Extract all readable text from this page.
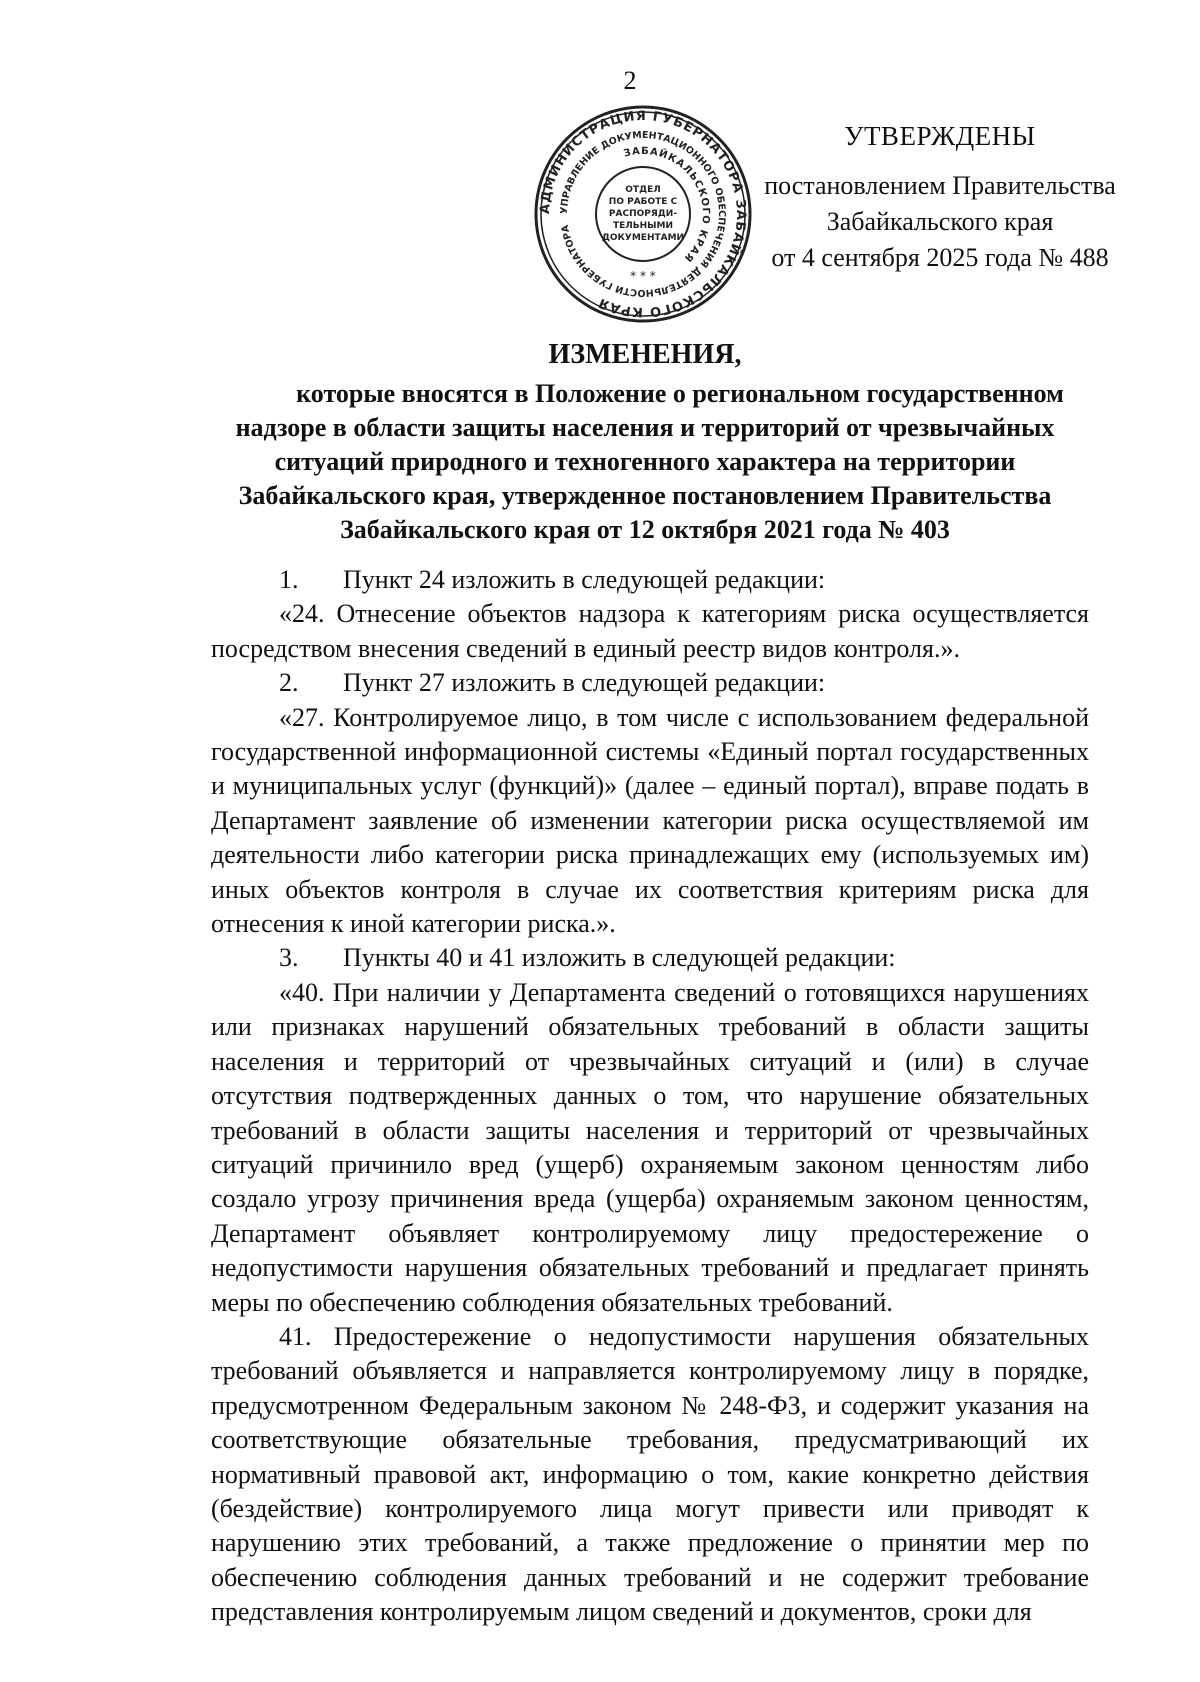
2
АДМИНИСТРАЦИЯ ГУБЕРНАТОРА ЗАБАЙКАЛЬСКОГО КРАЯ
УПРАВЛЕНИЕ ДОКУМЕНТАЦИОННОГО ОБЕСПЕЧЕНИЯ ДЕЯТЕЛЬНОСТИ ГУБЕРНАТОРА
ЗАБАЙКАЛЬСКОГО КРАЯ
ОТДЕЛ
ПО РАБОТЕ С
РАСПОРЯДИ-
ТЕЛЬНЫМИ
ДОКУМЕНТАМИ
* * *
УТВЕРЖДЕНЫ
постановлением Правительства
Забайкальского края
от 4 сентября 2025 года № 488
ИЗМЕНЕНИЯ,
которые вносятся в Положение о региональном государственном
надзоре в области защиты населения и территорий от чрезвычайных
ситуаций природного и техногенного характера на территории
Забайкальского края, утвержденное постановлением Правительства
Забайкальского края от 12 октября 2021 года № 403

1. Пункт 24 изложить в следующей редакции:

«24. Отнесение объектов надзора к категориям риска осуществляется посредством внесения сведений в единый реестр видов контроля.».

2. Пункт 27 изложить в следующей редакции:

«27. Контролируемое лицо, в том числе с использованием федеральной государственной информационной системы «Единый портал государственных и муниципальных услуг (функций)» (далее – единый портал), вправе подать в Департамент заявление об изменении категории риска осуществляемой им деятельности либо категории риска принадлежащих ему (используемых им) иных объектов контроля в случае их соответствия критериям риска для отнесения к иной категории риска.».

3. Пункты 40 и 41 изложить в следующей редакции:

«40. При наличии у Департамента сведений о готовящихся нарушениях или признаках нарушений обязательных требований в области защиты населения и территорий от чрезвычайных ситуаций и (или) в случае отсутствия подтвержденных данных о том, что нарушение обязательных требований в области защиты населения и территорий от чрезвычайных ситуаций причинило вред (ущерб) охраняемым законом ценностям либо создало угрозу причинения вреда (ущерба) охраняемым законом ценностям, Департамент объявляет контролируемому лицу предостережение о недопустимости нарушения обязательных требований и предлагает принять меры по обеспечению соблюдения обязательных требований.

41. Предостережение о недопустимости нарушения обязательных требований объявляется и направляется контролируемому лицу в порядке, предусмотренном Федеральным законом № 248-ФЗ, и содержит указания на соответствующие обязательные требования, предусматривающий их нормативный правовой акт, информацию о том, какие конкретно действия (бездействие) контролируемого лица могут привести или приводят к нарушению этих требований, а также предложение о принятии мер по обеспечению соблюдения данных требований и не содержит требование представления контролируемым лицом сведений и документов, сроки для
